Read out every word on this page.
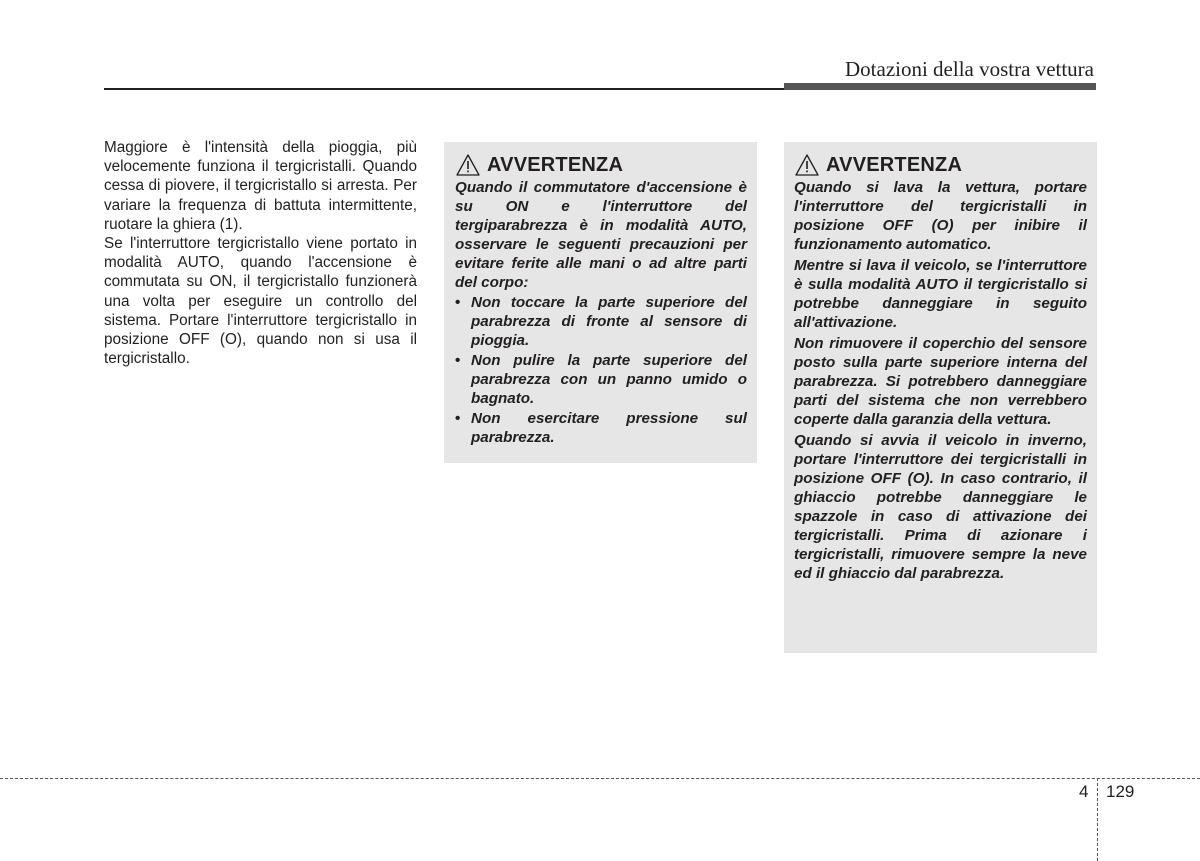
Dotazioni della vostra vettura

Maggiore è l'intensità della pioggia, più velocemente funziona il tergicristalli. Quando cessa di piovere, il tergicristallo si arresta. Per variare la frequenza di battuta intermittente, ruotare la ghiera (1).

Se l'interruttore tergicristallo viene portato in modalità AUTO, quando l'accensione è commutata su ON, il tergicristallo funzionerà una volta per eseguire un controllo del sistema. Portare l'interruttore tergicristallo in posizione OFF (O), quando non si usa il tergicristallo.

AVVERTENZA

Quando il commutatore d'accensione è su ON e l'interruttore del tergiparabrezza è in modalità AUTO, osservare le seguenti precauzioni per evitare ferite alle mani o ad altre parti del corpo:

• Non toccare la parte superiore del parabrezza di fronte al sensore di pioggia.
• Non pulire la parte superiore del parabrezza con un panno umido o bagnato.
• Non esercitare pressione sul parabrezza.
AVVERTENZA

Quando si lava la vettura, portare l'interruttore del tergicristalli in posizione OFF (O) per inibire il funzionamento automatico.

Mentre si lava il veicolo, se l'interruttore è sulla modalità AUTO il tergicristallo si potrebbe danneggiare in seguito all'attivazione.

Non rimuovere il coperchio del sensore posto sulla parte superiore interna del parabrezza. Si potrebbero danneggiare parti del sistema che non verrebbero coperte dalla garanzia della vettura.

Quando si avvia il veicolo in inverno, portare l'interruttore dei tergicristalli in posizione OFF (O). In caso contrario, il ghiaccio potrebbe danneggiare le spazzole in caso di attivazione dei tergicristalli. Prima di azionare i tergicristalli, rimuovere sempre la neve ed il ghiaccio dal parabrezza.

4 129
